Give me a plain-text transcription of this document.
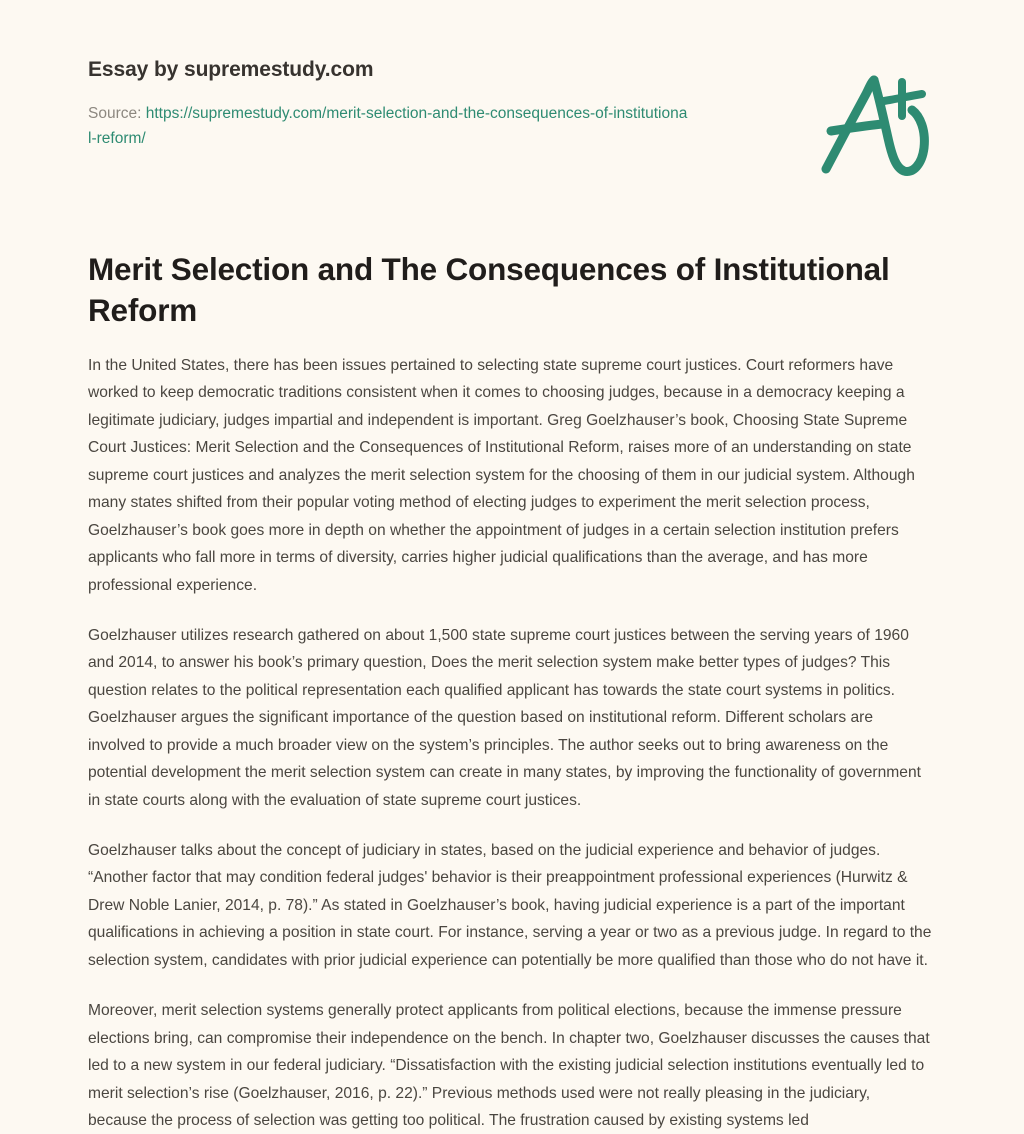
Essay by supremestudy.com
Source: https://supremestudy.com/merit-selection-and-the-consequences-of-institutional-reform/
Merit Selection and The Consequences of Institutional Reform

In the United States, there has been issues pertained to selecting state supreme court justices. Court reformers have worked to keep democratic traditions consistent when it comes to choosing judges, because in a democracy keeping a legitimate judiciary, judges impartial and independent is important. Greg Goelzhauser’s book, Choosing State Supreme Court Justices: Merit Selection and the Consequences of Institutional Reform, raises more of an understanding on state supreme court justices and analyzes the merit selection system for the choosing of them in our judicial system. Although many states shifted from their popular voting method of electing judges to experiment the merit selection process, Goelzhauser’s book goes more in depth on whether the appointment of judges in a certain selection institution prefers applicants who fall more in terms of diversity, carries higher judicial qualifications than the average, and has more professional experience.

Goelzhauser utilizes research gathered on about 1,500 state supreme court justices between the serving years of 1960 and 2014, to answer his book’s primary question, Does the merit selection system make better types of judges? This question relates to the political representation each qualified applicant has towards the state court systems in politics. Goelzhauser argues the significant importance of the question based on institutional reform. Different scholars are involved to provide a much broader view on the system’s principles. The author seeks out to bring awareness on the potential development the merit selection system can create in many states, by improving the functionality of government in state courts along with the evaluation of state supreme court justices.

Goelzhauser talks about the concept of judiciary in states, based on the judicial experience and behavior of judges. “Another factor that may condition federal judges' behavior is their preappointment professional experiences (Hurwitz & Drew Noble Lanier, 2014, p. 78).” As stated in Goelzhauser’s book, having judicial experience is a part of the important qualifications in achieving a position in state court. For instance, serving a year or two as a previous judge. In regard to the selection system, candidates with prior judicial experience can potentially be more qualified than those who do not have it.

Moreover, merit selection systems generally protect applicants from political elections, because the immense pressure elections bring, can compromise their independence on the bench. In chapter two, Goelzhauser discusses the causes that led to a new system in our federal judiciary. “Dissatisfaction with the existing judicial selection institutions eventually led to merit selection’s rise (Goelzhauser, 2016, p. 22).” Previous methods used were not really pleasing in the judiciary, because the process of selection was getting too political. The frustration caused by existing systems led
